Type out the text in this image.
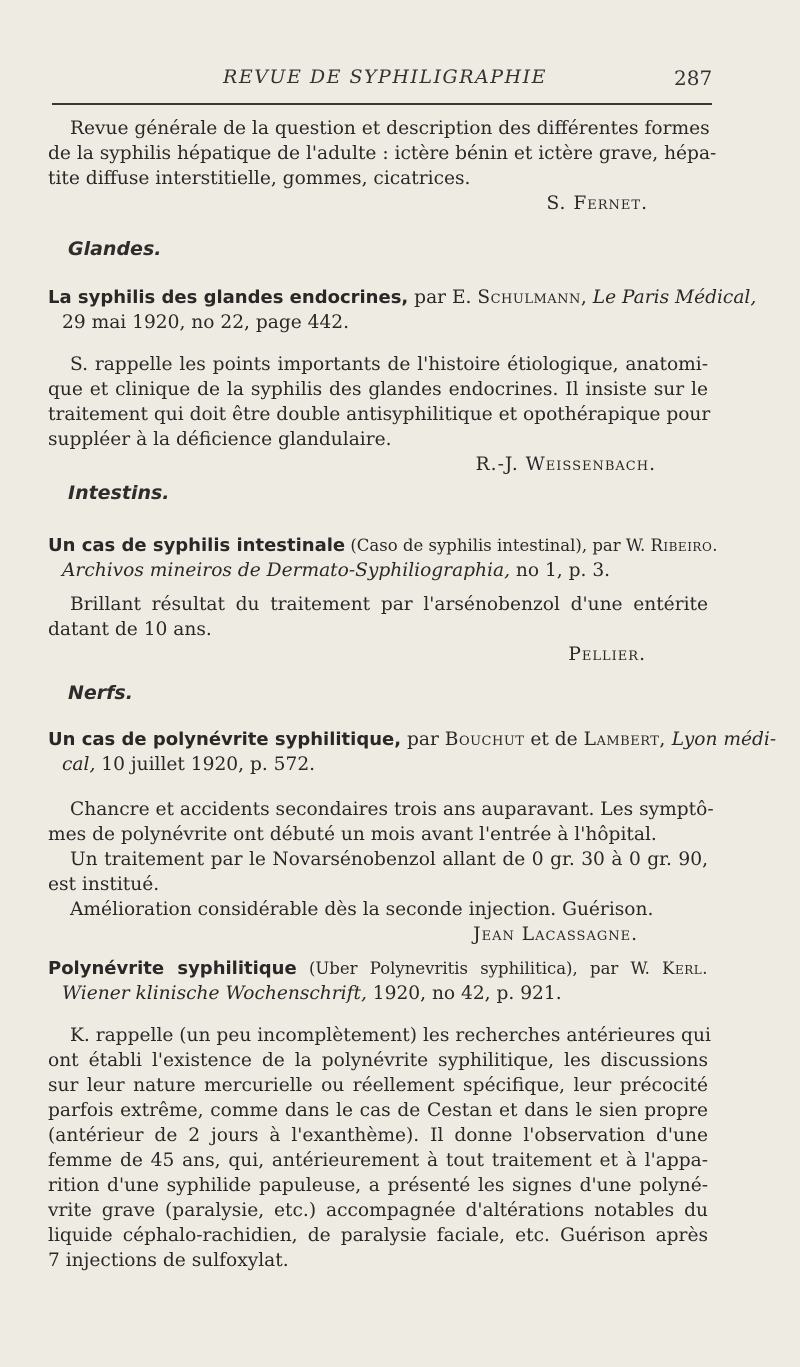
REVUE DE SYPHILIGRAPHIE	287
Revue générale de la question et description des différentes formes
de la syphilis hépatique de l'adulte : ictère bénin et ictère grave, hépa-
tite diffuse interstitielle, gommes, cicatrices.
S. Fernet.
Glandes.
La syphilis des glandes endocrines, par E. Schulmann, Le Paris Médical,
29 mai 1920, no 22, page 442.
S. rappelle les points importants de l'histoire étiologique, anatomi-
que et clinique de la syphilis des glandes endocrines. Il insiste sur le
traitement qui doit être double antisyphilitique et opothérapique pour
suppléer à la déficience glandulaire.
R.-J. Weissenbach.
Intestins.
Un cas de syphilis intestinale (Caso de syphilis intestinal), par W. Ribeiro.
Archivos mineiros de Dermato-Syphiliographia, no 1, p. 3.
Brillant résultat du traitement par l'arsénobenzol d'une entérite
datant de 10 ans.
Pellier.
Nerfs.
Un cas de polynévrite syphilitique, par Bouchut et de Lambert, Lyon médi-
cal, 10 juillet 1920, p. 572.
Chancre et accidents secondaires trois ans auparavant. Les symptô-
mes de polynévrite ont débuté un mois avant l'entrée à l'hôpital.
Un traitement par le Novarsénobenzol allant de 0 gr. 30 à 0 gr. 90,
est institué.
Amélioration considérable dès la seconde injection. Guérison.
Jean Lacassagne.
Polynévrite syphilitique (Uber Polynevritis syphilitica), par W. Kerl.
Wiener klinische Wochenschrift, 1920, no 42, p. 921.
K. rappelle (un peu incomplètement) les recherches antérieures qui
ont établi l'existence de la polynévrite syphilitique, les discussions
sur leur nature mercurielle ou réellement spécifique, leur précocité
parfois extrême, comme dans le cas de Cestan et dans le sien propre
(antérieur de 2 jours à l'exanthème). Il donne l'observation d'une
femme de 45 ans, qui, antérieurement à tout traitement et à l'appa-
rition d'une syphilide papuleuse, a présenté les signes d'une polyné-
vrite grave (paralysie, etc.) accompagnée d'altérations notables du
liquide céphalo-rachidien, de paralysie faciale, etc. Guérison après
7 injections de sulfoxylat.
